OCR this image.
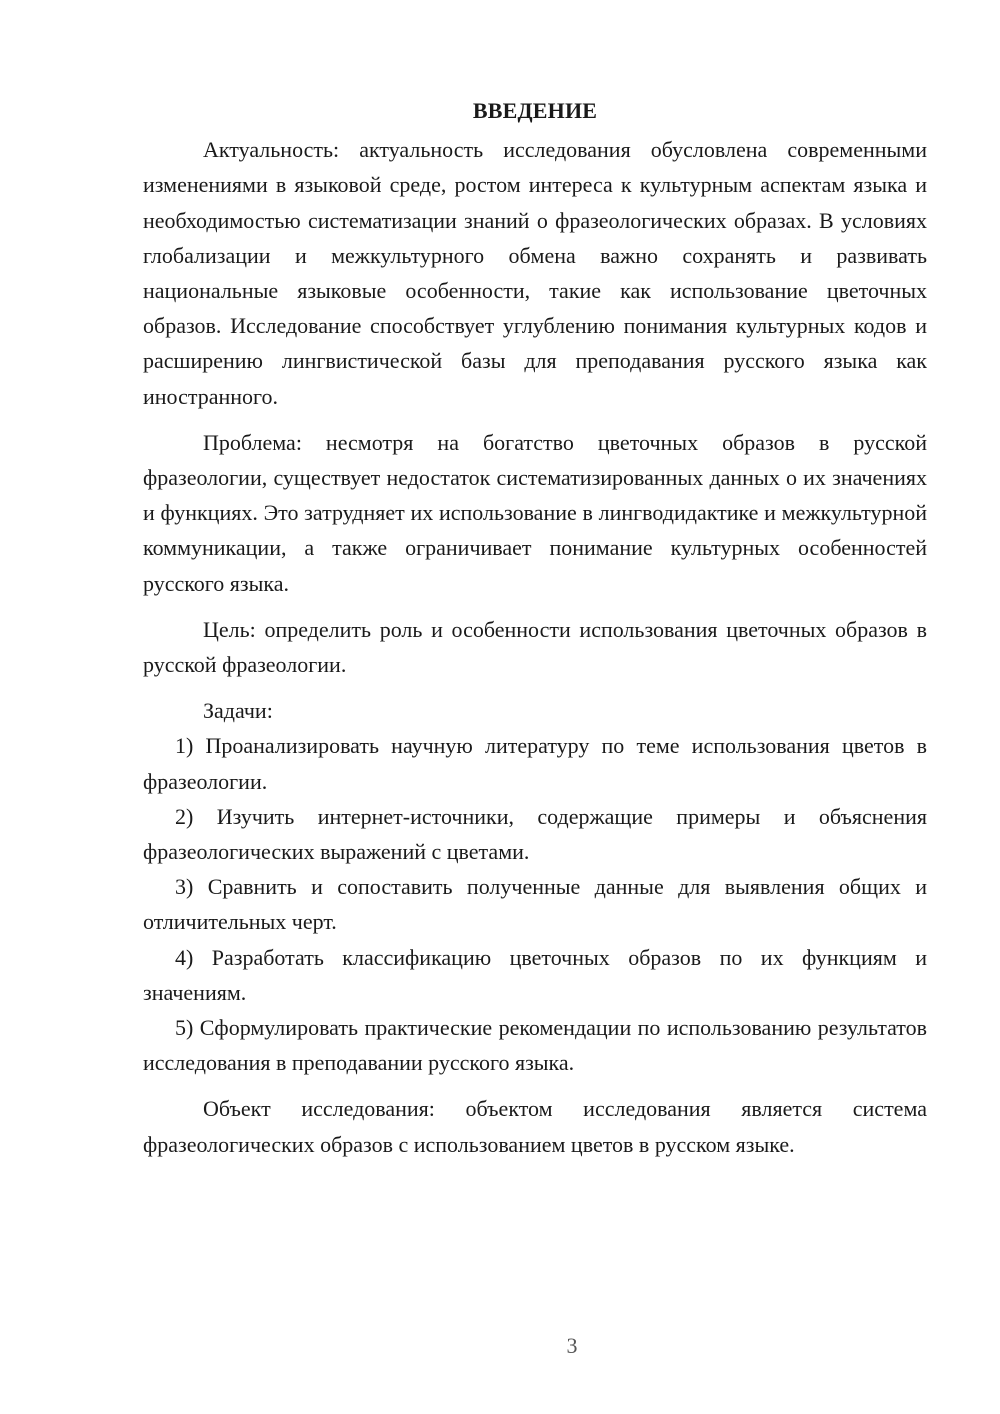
ВВЕДЕНИЕ

Актуальность: актуальность исследования обусловлена современными изменениями в языковой среде, ростом интереса к культурным аспектам языка и необходимостью систематизации знаний о фразеологических образах. В условиях глобализации и межкультурного обмена важно сохранять и развивать национальные языковые особенности, такие как использование цветочных образов. Исследование способствует углублению понимания культурных кодов и расширению лингвистической базы для преподавания русского языка как иностранного.

Проблема: несмотря на богатство цветочных образов в русской фразеологии, существует недостаток систематизированных данных о их значениях и функциях. Это затрудняет их использование в лингводидактике и межкультурной коммуникации, а также ограничивает понимание культурных особенностей русского языка.

Цель: определить роль и особенности использования цветочных образов в русской фразеологии.

Задачи:

1) Проанализировать научную литературу по теме использования цветов в фразеологии.

2) Изучить интернет-источники, содержащие примеры и объяснения фразеологических выражений с цветами.

3) Сравнить и сопоставить полученные данные для выявления общих и отличительных черт.

4) Разработать классификацию цветочных образов по их функциям и значениям.

5) Сформулировать практические рекомендации по использованию результатов исследования в преподавании русского языка.

Объект исследования: объектом исследования является система фразеологических образов с использованием цветов в русском языке.

3
